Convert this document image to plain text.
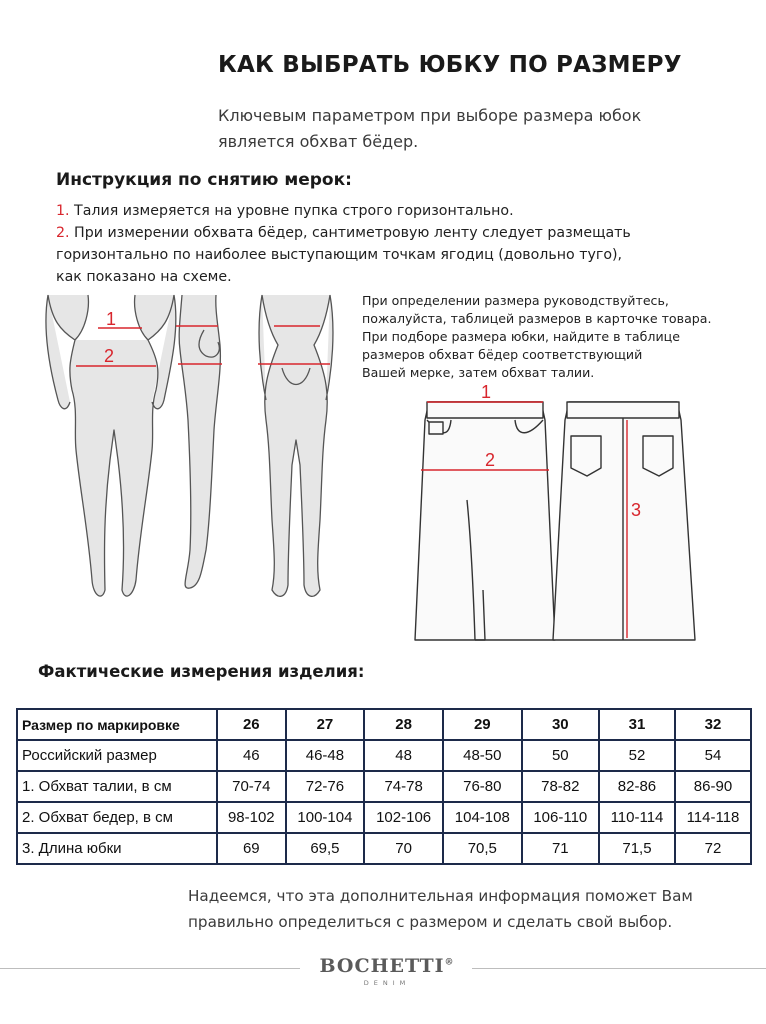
КАК ВЫБРАТЬ ЮБКУ ПО РАЗМЕРУ
Ключевым параметром при выборе размера юбок
является обхват бёдер.
Инструкция по снятию мерок:
1. Талия измеряется на уровне пупка строго горизонтально.
2. При измерении обхвата бёдер, сантиметровую ленту следует размещать
горизонтально по наиболее выступающим точкам ягодиц (довольно туго),
как показано на схеме.
1
2
При определении размера руководствуйтесь,
пожалуйста, таблицей размеров в карточке товара.
При подборе размера юбки, найдите в таблице
размеров обхват бёдер соответствующий
Вашей мерке, затем обхват талии.
1
2
3
Фактические измерения изделия:
Размер по маркировке	26	27	28	29	30	31	32
Российский размер	46	46-48	48	48-50	50	52	54
1. Обхват талии, в см	70-74	72-76	74-78	76-80	78-82	82-86	86-90
2. Обхват бедер, в см	98-102	100-104	102-106	104-108	106-110	110-114	114-118
3. Длина юбки	69	69,5	70	70,5	71	71,5	72
Надеемся, что эта дополнительная информация поможет Вам
правильно определиться с размером и сделать свой выбор.
BOCHETTI®
DENIM
